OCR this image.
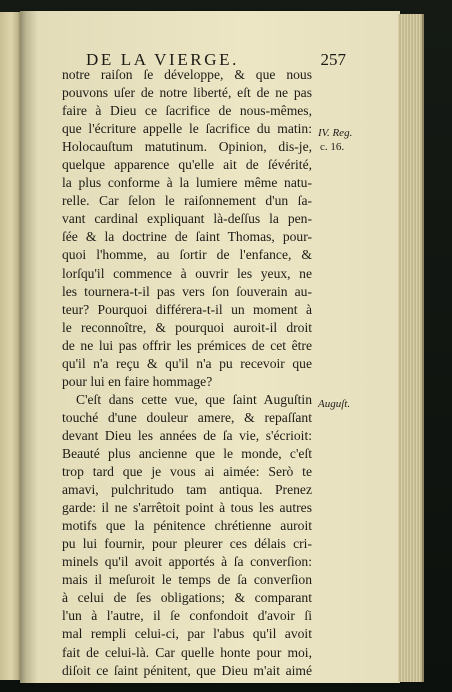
DE LA VIERGE.	257
notre raiſon ſe développe, & que nous
pouvons uſer de notre liberté, eſt de ne pas
faire à Dieu ce ſacrifice de nous-mêmes,
que l'écriture appelle le ſacrifice du matin:
Holocauſtum matutinum. Opinion, dis-je,
quelque apparence qu'elle ait de ſévérité,
la plus conforme à la lumiere même natu-
relle. Car ſelon le raiſonnement d'un ſa-
vant cardinal expliquant là-deſſus la pen-
ſée & la doctrine de ſaint Thomas, pour-
quoi l'homme, au ſortir de l'enfance, &
lorſqu'il commence à ouvrir les yeux, ne
les tournera-t-il pas vers ſon ſouverain au-
teur? Pourquoi différera-t-il un moment à
le reconnoître, & pourquoi auroit-il droit
de ne lui pas offrir les prémices de cet être
qu'il n'a reçu & qu'il n'a pu recevoir que
pour lui en faire hommage?
C'eſt dans cette vue, que ſaint Auguſtin
touché d'une douleur amere, & repaſſant
devant Dieu les années de ſa vie, s'écrioit:
Beauté plus ancienne que le monde, c'eſt
trop tard que je vous ai aimée: Serò te
amavi, pulchritudo tam antiqua. Prenez
garde: il ne s'arrêtoit point à tous les autres
motifs que la pénitence chrétienne auroit
pu lui fournir, pour pleurer ces délais cri-
minels qu'il avoit apportés à ſa converſion:
mais il meſuroit le temps de ſa converſion
à celui de ſes obligations; & comparant
l'un à l'autre, il ſe confondoit d'avoir ſi
mal rempli celui-ci, par l'abus qu'il avoit
fait de celui-là. Car quelle honte pour moi,
diſoit ce ſaint pénitent, que Dieu m'ait aimé
IV. Reg.
c. 16.
Auguſt.
